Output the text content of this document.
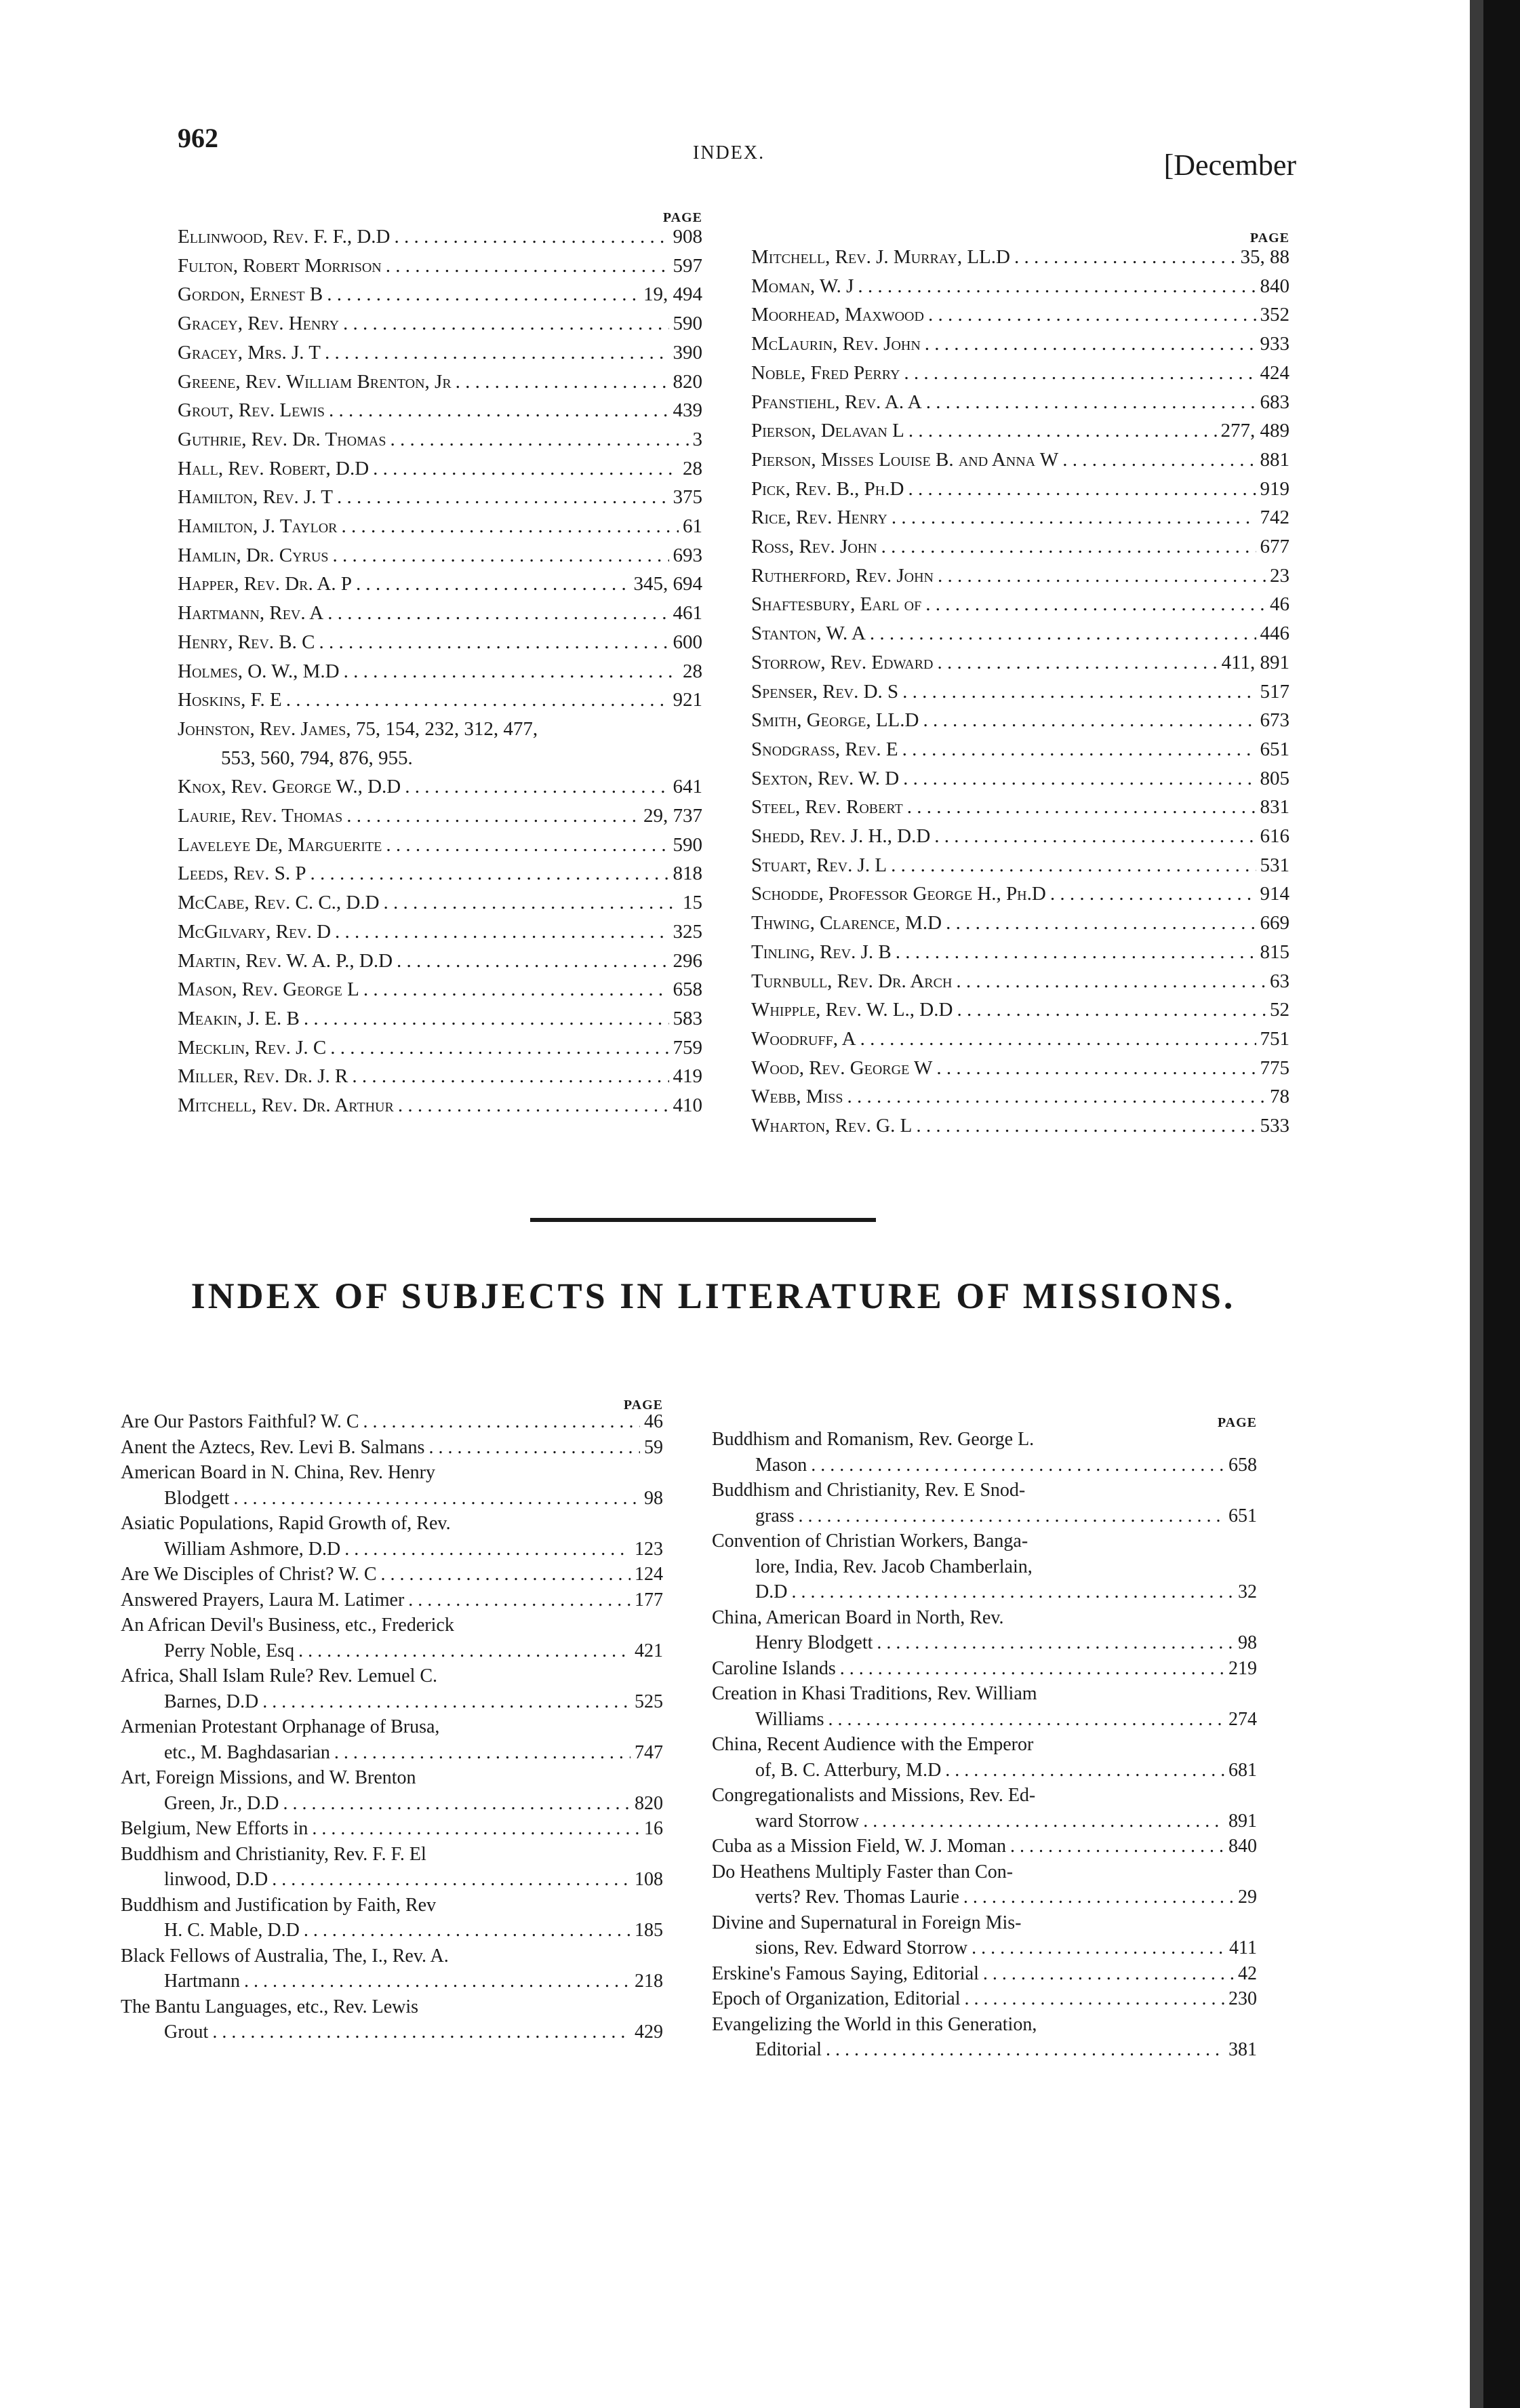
962	INDEX.	[December
PAGE
Ellinwood, Rev. F. F., D.D . . .	908
Fulton, Robert Morrison . . .	597
Gordon, Ernest B . . .	19, 494
Gracey, Rev. Henry . . .	590
Gracey, Mrs. J. T . . .	390
Greene, Rev. William Brenton, Jr . . .	820
Grout, Rev. Lewis . . .	439
Guthrie, Rev. Dr. Thomas . . .	3
Hall, Rev. Robert, D.D . . .	28
Hamilton, Rev. J. T . . .	375
Hamilton, J. Taylor . . .	61
Hamlin, Dr. Cyrus . . .	693
Happer, Rev. Dr. A. P . . .	345, 694
Hartmann, Rev. A . . .	461
Henry, Rev. B. C . . .	600
Holmes, O. W., M.D . . .	28
Hoskins, F. E . . .	921
Johnston, Rev. James, 75, 154, 232, 312, 477,
553, 560, 794, 876, 955.
Knox, Rev. George W., D.D . . .	641
Laurie, Rev. Thomas . . .	29, 737
Laveleye De, Marguerite . . .	590
Leeds, Rev. S. P . . .	818
McCabe, Rev. C. C., D.D . . .	15
McGilvary, Rev. D . . .	325
Martin, Rev. W. A. P., D.D . . .	296
Mason, Rev. George L . . .	658
Meakin, J. E. B . . .	583
Mecklin, Rev. J. C . . .	759
Miller, Rev. Dr. J. R . . .	419
Mitchell, Rev. Dr. Arthur . . .	410
PAGE
Mitchell, Rev. J. Murray, LL.D . . .	35, 88
Moman, W. J . . .	840
Moorhead, Maxwood . . .	352
McLaurin, Rev. John . . .	933
Noble, Fred Perry . . .	424
Pfanstiehl, Rev. A. A . . .	683
Pierson, Delavan L . . .	277, 489
Pierson, Misses Louise B. and Anna W . . .	881
Pick, Rev. B., Ph.D . . .	919
Rice, Rev. Henry . . .	742
Ross, Rev. John . . .	677
Rutherford, Rev. John . . .	23
Shaftesbury, Earl of . . .	46
Stanton, W. A . . .	446
Storrow, Rev. Edward . . .	411, 891
Spenser, Rev. D. S . . .	517
Smith, George, LL.D . . .	673
Snodgrass, Rev. E . . .	651
Sexton, Rev. W. D . . .	805
Steel, Rev. Robert . . .	831
Shedd, Rev. J. H., D.D . . .	616
Stuart, Rev. J. L . . .	531
Schodde, Professor George H., Ph.D . . .	914
Thwing, Clarence, M.D . . .	669
Tinling, Rev. J. B . . .	815
Turnbull, Rev. Dr. Arch . . .	63
Whipple, Rev. W. L., D.D . . .	52
Woodruff, A . . .	751
Wood, Rev. George W . . .	775
Webb, Miss . . .	78
Wharton, Rev. G. L . . .	533
INDEX OF SUBJECTS IN LITERATURE OF MISSIONS.
PAGE
Are Our Pastors Faithful? W. C . . .	46
Anent the Aztecs, Rev. Levi B. Salmans . . .	59
American Board in N. China, Rev. Henry
Blodgett . . .	98
Asiatic Populations, Rapid Growth of, Rev.
William Ashmore, D.D . . .	123
Are We Disciples of Christ? W. C . . .	124
Answered Prayers, Laura M. Latimer . . .	177
An African Devil's Business, etc., Frederick
Perry Noble, Esq . . .	421
Africa, Shall Islam Rule? Rev. Lemuel C.
Barnes, D.D . . .	525
Armenian Protestant Orphanage of Brusa,
etc., M. Baghdasarian . . .	747
Art, Foreign Missions, and W. Brenton
Green, Jr., D.D . . .	820
Belgium, New Efforts in . . .	16
Buddhism and Christianity, Rev. F. F. El
linwood, D.D . . .	108
Buddhism and Justification by Faith, Rev
H. C. Mable, D.D . . .	185
Black Fellows of Australia, The, I., Rev. A.
Hartmann . . .	218
The Bantu Languages, etc., Rev. Lewis
Grout . . .	429
PAGE
Buddhism and Romanism, Rev. George L.
Mason . . .	658
Buddhism and Christianity, Rev. E Snod-
grass . . .	651
Convention of Christian Workers, Banga-
lore, India, Rev. Jacob Chamberlain,
D.D . . .	32
China, American Board in North, Rev.
Henry Blodgett . . .	98
Caroline Islands . . .	219
Creation in Khasi Traditions, Rev. William
Williams . . .	274
China, Recent Audience with the Emperor
of, B. C. Atterbury, M.D . . .	681
Congregationalists and Missions, Rev. Ed-
ward Storrow . . .	891
Cuba as a Mission Field, W. J. Moman . . .	840
Do Heathens Multiply Faster than Con-
verts? Rev. Thomas Laurie . . .	29
Divine and Supernatural in Foreign Mis-
sions, Rev. Edward Storrow . . .	411
Erskine's Famous Saying, Editorial . . .	42
Epoch of Organization, Editorial . . .	230
Evangelizing the World in this Generation,
Editorial . . .	381
